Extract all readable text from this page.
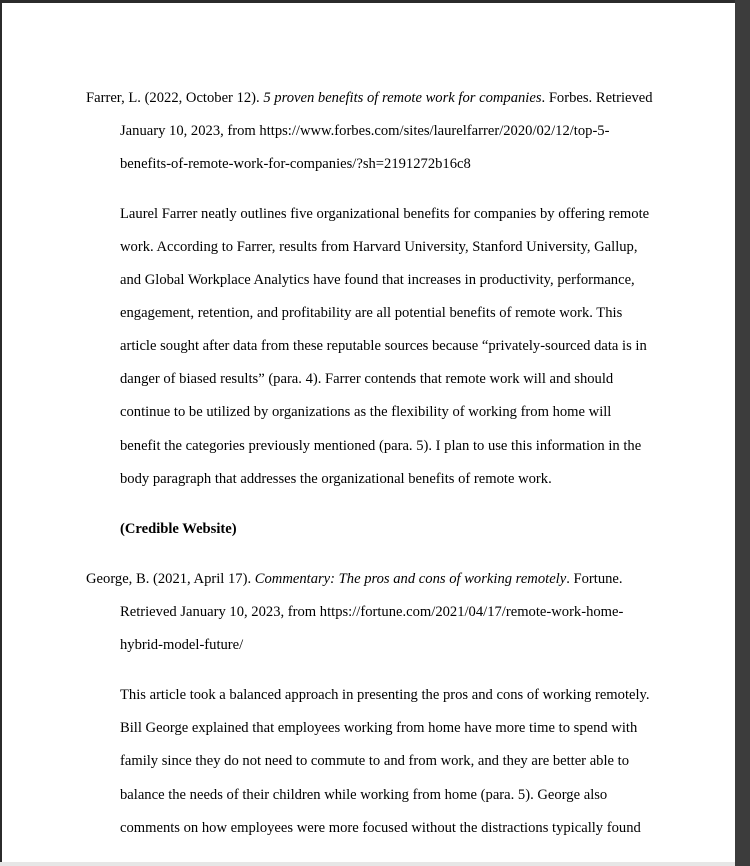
Farrer, L. (2022, October 12). 5 proven benefits of remote work for companies. Forbes. Retrieved
January 10, 2023, from https://www.forbes.com/sites/laurelfarrer/2020/02/12/top-5-
benefits-of-remote-work-for-companies/?sh=2191272b16c8
Laurel Farrer neatly outlines five organizational benefits for companies by offering remote
work. According to Farrer, results from Harvard University, Stanford University, Gallup,
and Global Workplace Analytics have found that increases in productivity, performance,
engagement, retention, and profitability are all potential benefits of remote work. This
article sought after data from these reputable sources because “privately-sourced data is in
danger of biased results” (para. 4). Farrer contends that remote work will and should
continue to be utilized by organizations as the flexibility of working from home will
benefit the categories previously mentioned (para. 5). I plan to use this information in the
body paragraph that addresses the organizational benefits of remote work.
(Credible Website)
George, B. (2021, April 17). Commentary: The pros and cons of working remotely. Fortune.
Retrieved January 10, 2023, from https://fortune.com/2021/04/17/remote-work-home-
hybrid-model-future/
This article took a balanced approach in presenting the pros and cons of working remotely.
Bill George explained that employees working from home have more time to spend with
family since they do not need to commute to and from work, and they are better able to
balance the needs of their children while working from home (para. 5). George also
comments on how employees were more focused without the distractions typically found
